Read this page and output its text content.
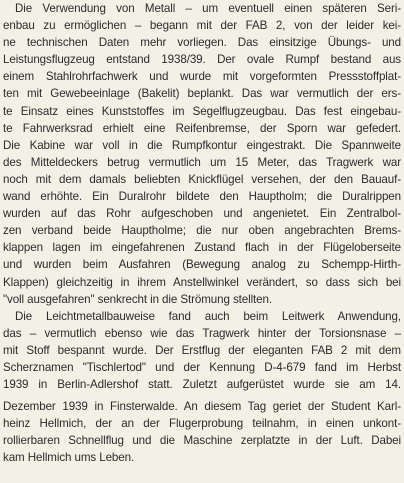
Die Verwendung von Metall – um eventuell einen späteren Seri-
enbau zu ermöglichen – begann mit der FAB 2, von der leider kei-
ne technischen Daten mehr vorliegen. Das einsitzige Übungs- und
Leistungsflugzeug entstand 1938/39. Der ovale Rumpf bestand aus
einem Stahlrohrfachwerk und wurde mit vorgeformten Pressstoffplat-
ten mit Gewebeeinlage (Bakelit) beplankt. Das war vermutlich der ers-
te Einsatz eines Kunststoffes im Segelflugzeugbau. Das fest eingebau-
te Fahrwerksrad erhielt eine Reifenbremse, der Sporn war gefedert.
Die Kabine war voll in die Rumpfkontur eingestrakt. Die Spannweite
des Mitteldeckers betrug vermutlich um 15 Meter, das Tragwerk war
noch mit dem damals beliebten Knickflügel versehen, der den Bauauf-
wand erhöhte. Ein Duralrohr bildete den Hauptholm; die Duralrippen
wurden auf das Rohr aufgeschoben und angenietet. Ein Zentralbol-
zen verband beide Hauptholme; die nur oben angebrachten Brems-
klappen lagen im eingefahrenen Zustand flach in der Flügeloberseite
und wurden beim Ausfahren (Bewegung analog zu Schempp-Hirth-
Klappen) gleichzeitig in ihrem Anstellwinkel verändert, so dass sich bei
"voll ausgefahren" senkrecht in die Strömung stellten.
Die Leichtmetallbauweise fand auch beim Leitwerk Anwendung,
das – vermutlich ebenso wie das Tragwerk hinter der Torsionsnase –
mit Stoff bespannt wurde. Der Erstflug der eleganten FAB 2 mit dem
Scherznamen "Tischlertod" und der Kennung D-4-679 fand im Herbst
1939 in Berlin-Adlershof statt. Zuletzt aufgerüstet wurde sie am 14.
Dezember 1939 in Finsterwalde. An diesem Tag geriet der Student Karl-
heinz Hellmich, der an der Flugerprobung teilnahm, in einen unkont-
rollierbaren Schnellflug und die Maschine zerplatzte in der Luft. Dabei
kam Hellmich ums Leben.
